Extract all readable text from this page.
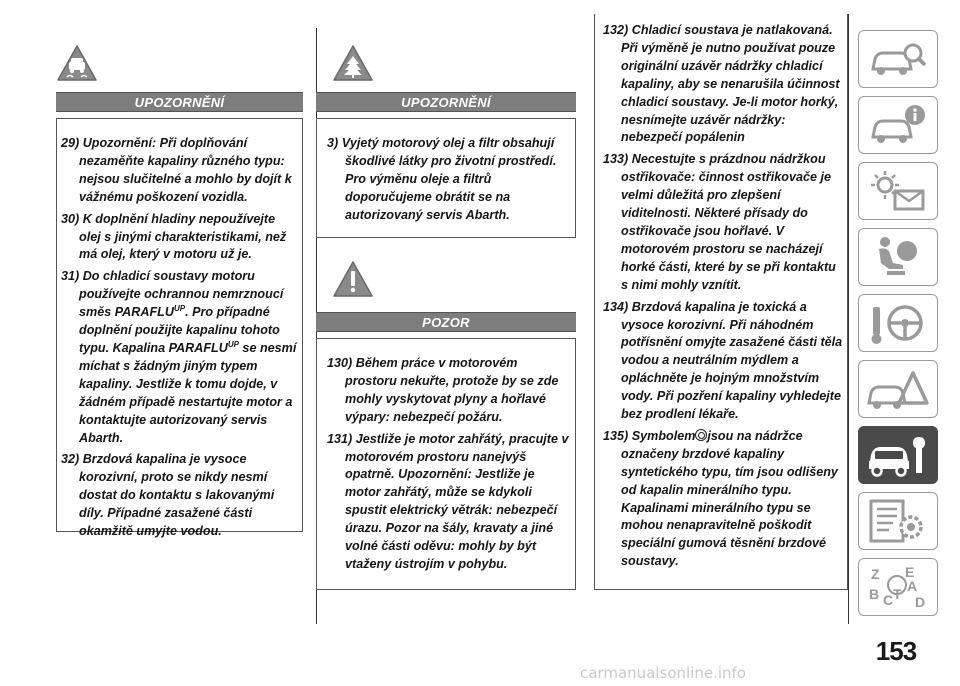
UPOZORNĚNÍ
29) Upozornění: Při doplňování nezaměňte kapaliny různého typu: nejsou slučitelné a mohlo by dojít k vážnému poškození vozidla.
30) K doplnění hladiny nepoužívejte olej s jinými charakteristikami, než má olej, který v motoru už je.
31) Do chladicí soustavy motoru používejte ochrannou nemrznoucí směs $PARAFLU^{UP}$. Pro případné doplnění použijte kapalinu tohoto typu. Kapalina $PARAFLU^{UP}$ se nesmí míchat s žádným jiným typem kapaliny. Jestliže k tomu dojde, v žádném případě nestartujte motor a kontaktujte autorizovaný servis Abarth.
32) Brzdová kapalina je vysoce korozivní, proto se nikdy nesmí dostat do kontaktu s lakovanými díly. Případné zasažené části okamžitě umyjte vodou.
UPOZORNĚNÍ
3) Vyjetý motorový olej a filtr obsahují škodlivé látky pro životní prostředí. Pro výměnu oleje a filtrů doporučujeme obrátit se na autorizovaný servis Abarth.
POZOR
130) Během práce v motorovém prostoru nekuřte, protože by se zde mohly vyskytovat plyny a hořlavé výpary: nebezpečí požáru.
131) Jestliže je motor zahřátý, pracujte v motorovém prostoru nanejvýš opatrně. Upozornění: Jestliže je motor zahřátý, může se kdykoli spustit elektrický větrák: nebezpečí úrazu. Pozor na šály, kravaty a jiné volné části oděvu: mohly by být vtaženy ústrojím v pohybu.
132) Chladicí soustava je natlakovaná. Při výměně je nutno používat pouze originální uzávěr nádržky chladicí kapaliny, aby se nenarušila účinnost chladicí soustavy. Je-li motor horký, nesnímejte uzávěr nádržky: nebezpečí popálenin
133) Necestujte s prázdnou nádržkou ostřikovače: činnost ostřikovače je velmi důležitá pro zlepšení viditelnosti. Některé přísady do ostřikovače jsou hořlavé. V motorovém prostoru se nacházejí horké části, které by se při kontaktu s nimi mohly vznítit.
134) Brzdová kapalina je toxická a vysoce korozivní. Při náhodném potřísnění omyjte zasažené části těla vodou a neutrálním mýdlem a opláchněte je hojným množstvím vody. Při pozření kapaliny vyhledejte bez prodlení lékaře.
135) Symbolem jsou na nádržce označeny brzdové kapaliny syntetického typu, tím jsou odlišeny od kapalin minerálního typu. Kapalinami minerálního typu se mohou nenapravitelně poškodit speciální gumová těsnění brzdové soustavy.
Z E
A
B C T D
153
carmanualsonline.info
